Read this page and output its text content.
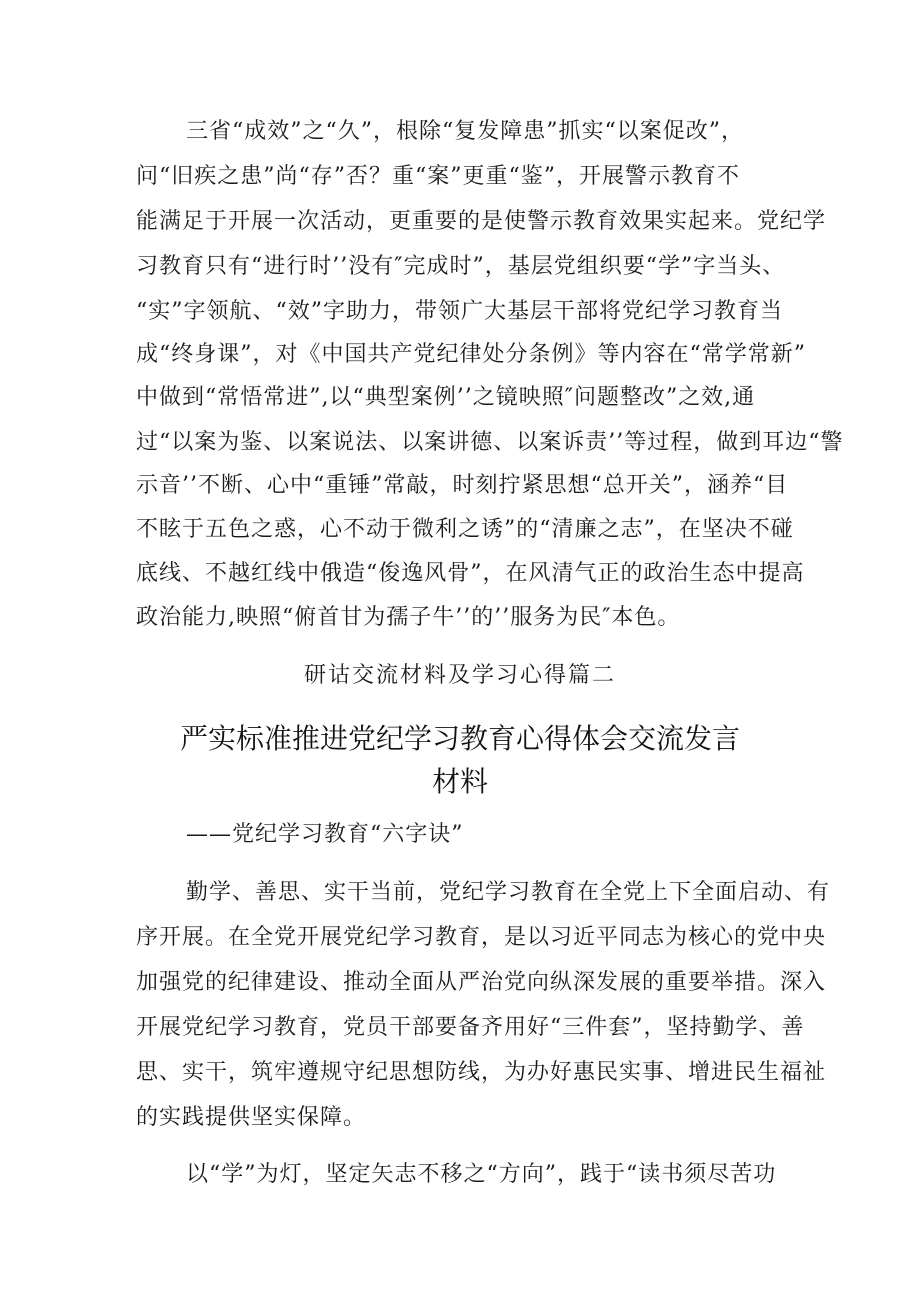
三省“成效”之“久”，根除“复发障患”抓实“以案促改”，
问“旧疾之患”尚“存”否？重“案”更重“鉴”，开展警示教育不
能满足于开展一次活动，更重要的是使警示教育效果实起来。党纪学
习教育只有“进行时’’没有″完成时”，基层党组织要“学”字当头、
“实”字领航、“效”字助力，带领广大基层干部将党纪学习教育当
成“终身课”，对《中国共产党纪律处分条例》等内容在“常学常新”
中做到“常悟常进”,以“典型案例’’之镜映照″问题整改”之效,通
过“以案为鉴、以案说法、以案讲德、以案诉责’’等过程，做到耳边“警
示音’’不断、心中“重锤”常敲，时刻拧紧思想“总开关”，涵养“目
不眩于五色之惑，心不动于微利之诱”的“清廉之志”，在坚决不碰
底线、不越红线中俄造“俊逸风骨”，在风清气正的政治生态中提高
政治能力,映照“俯首甘为孺子牛’’的’’服务为民″本色。
研诂交流材料及学习心得篇二
严实标准推进党纪学习教育心得体会交流发言
材料
——党纪学习教育“六字诀”
勤学、善思、实干当前，党纪学习教育在全党上下全面启动、有
序开展。在全党开展党纪学习教育，是以习近平同志为核心的党中央
加强党的纪律建设、推动全面从严治党向纵深发展的重要举措。深入
开展党纪学习教育，党员干部要备齐用好“三件套”，坚持勤学、善
思、实干，筑牢遵规守纪思想防线，为办好惠民实事、增进民生福祉
的实践提供坚实保障。
以“学”为灯，坚定矢志不移之“方向”，践于“读书须尽苦功
